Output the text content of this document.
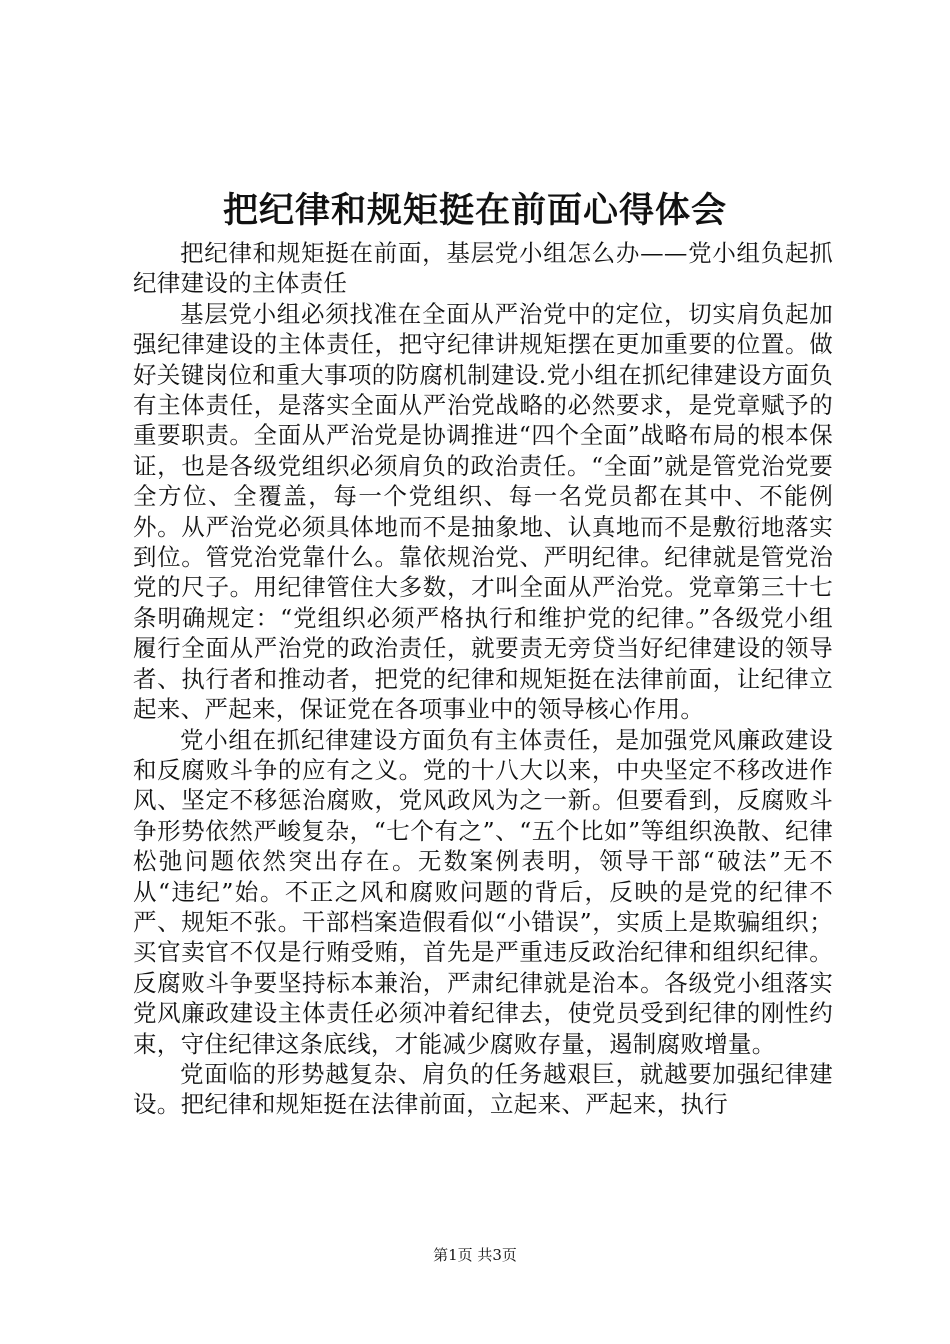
把纪律和规矩挺在前面心得体会

把纪律和规矩挺在前面，基层党小组怎么办——党小组负起抓纪律建设的主体责任

基层党小组必须找准在全面从严治党中的定位，切实肩负起加强纪律建设的主体责任，把守纪律讲规矩摆在更加重要的位置。做好关键岗位和重大事项的防腐机制建设.党小组在抓纪律建设方面负有主体责任，是落实全面从严治党战略的必然要求，是党章赋予的重要职责。全面从严治党是协调推进“四个全面”战略布局的根本保证，也是各级党组织必须肩负的政治责任。“全面”就是管党治党要全方位、全覆盖，每一个党组织、每一名党员都在其中、不能例外。从严治党必须具体地而不是抽象地、认真地而不是敷衍地落实到位。管党治党靠什么。靠依规治党、严明纪律。纪律就是管党治党的尺子。用纪律管住大多数，才叫全面从严治党。党章第三十七条明确规定：“党组织必须严格执行和维护党的纪律。”各级党小组履行全面从严治党的政治责任，就要责无旁贷当好纪律建设的领导者、执行者和推动者，把党的纪律和规矩挺在法律前面，让纪律立起来、严起来，保证党在各项事业中的领导核心作用。

党小组在抓纪律建设方面负有主体责任，是加强党风廉政建设和反腐败斗争的应有之义。党的十八大以来，中央坚定不移改进作风、坚定不移惩治腐败，党风政风为之一新。但要看到，反腐败斗争形势依然严峻复杂，“七个有之”、“五个比如”等组织涣散、纪律松弛问题依然突出存在。无数案例表明，领导干部“破法”无不从“违纪”始。不正之风和腐败问题的背后，反映的是党的纪律不严、规矩不张。干部档案造假看似“小错误”，实质上是欺骗组织；买官卖官不仅是行贿受贿，首先是严重违反政治纪律和组织纪律。反腐败斗争要坚持标本兼治，严肃纪律就是治本。各级党小组落实党风廉政建设主体责任必须冲着纪律去，使党员受到纪律的刚性约束，守住纪律这条底线，才能减少腐败存量，遏制腐败增量。

党面临的形势越复杂、肩负的任务越艰巨，就越要加强纪律建设。把纪律和规矩挺在法律前面，立起来、严起来，执行

第1页 共3页
